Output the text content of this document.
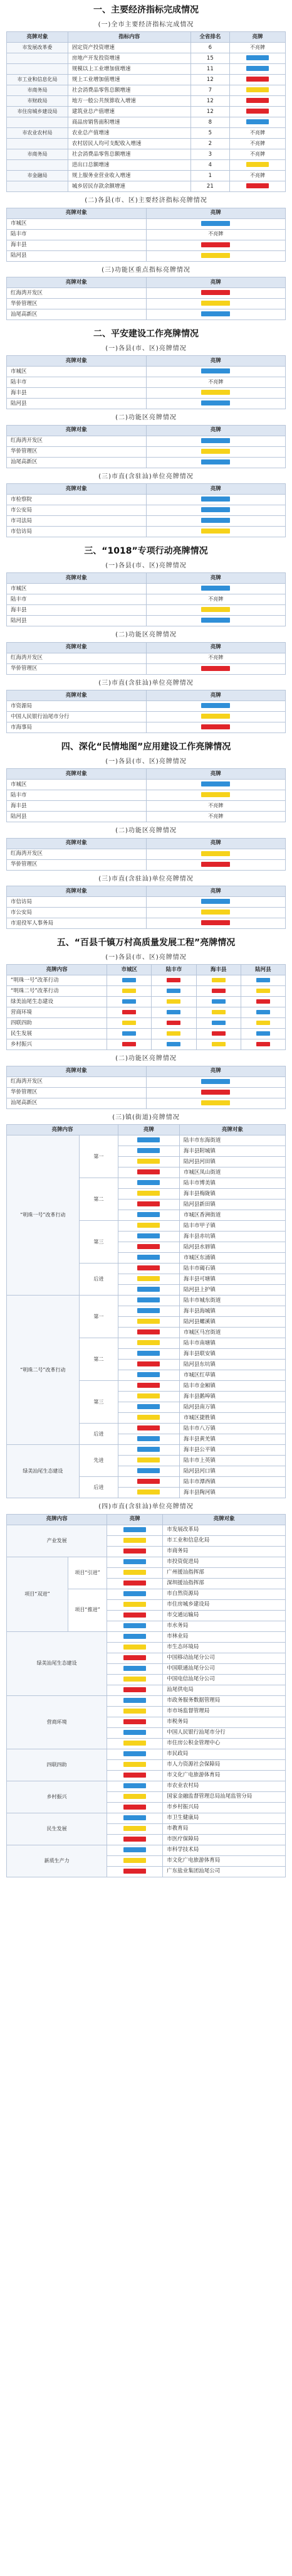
一、主要经济指标完成情况
(一)全市主要经济指标完成情况
亮牌对象	指标内容	全省排名	亮牌
市发展改革委	固定资产投资增速	6	不亮牌
	房地产开发投资增速	15	
	规模以上工业增加值增速	11	
市工业和信息化局	规上工业增加值增速	12	
市商务局	社会消费品零售总额增速	7	
市财政局	地方一般公共预算收入增速	12	
市住房城乡建设局	建筑业总产值增速	12	
	商品房销售面积增速	8	
市农业农村局	农业总产值增速	5	不亮牌
	农村居民人均可支配收入增速	2	不亮牌
市商务局	社会消费品零售总额增速	3	不亮牌
	进出口总额增速	4	
市金融局	规上服务业营业收入增速	1	不亮牌
	城乡居民存款余额增速	21	
(二)各县(市、区)主要经济指标亮牌情况
亮牌对象	亮牌
市城区	
陆丰市	不亮牌
海丰县	
陆河县	
(三)功能区重点指标亮牌情况
亮牌对象	亮牌
红海湾开发区	
华侨管理区	
汕尾高新区	
二、平安建设工作亮牌情况
(一)各县(市、区)亮牌情况
亮牌对象	亮牌
市城区	
陆丰市	不亮牌
海丰县	
陆河县	
(二)功能区亮牌情况
亮牌对象	亮牌
红海湾开发区	
华侨管理区	
汕尾高新区	
(三)市直(含驻汕)单位亮牌情况
亮牌对象	亮牌
市检察院	
市公安局	
市司法局	
市信访局	
三、“1018”专项行动亮牌情况
(一)各县(市、区)亮牌情况
亮牌对象	亮牌
市城区	
陆丰市	不亮牌
海丰县	
陆河县	
(二)功能区亮牌情况
亮牌对象	亮牌
红海湾开发区	不亮牌
华侨管理区	
(三)市直(含驻汕)单位亮牌情况
亮牌对象	亮牌
市资源局	
中国人民银行汕尾市分行	
市海事局	
四、深化“民情地图”应用建设工作亮牌情况
(一)各县(市、区)亮牌情况
亮牌对象	亮牌
市城区	
陆丰市	
海丰县	不亮牌
陆河县	不亮牌
(二)功能区亮牌情况
亮牌对象	亮牌
红海湾开发区	
华侨管理区	
(三)市直(含驻汕)单位亮牌情况
亮牌对象	亮牌
市信访局	
市公安局	
市退役军人事务局	
五、“百县千镇万村高质量发展工程”亮牌情况
(一)各县(市、区)亮牌情况
亮牌内容	市城区	陆丰市	海丰县	陆河县
“明珠一号”改革行动				
“明珠二号”改革行动				
绿美汕尾生态建设				
营商环境				
四联四助				
民生发展				
乡村振兴				
(二)功能区亮牌情况
亮牌对象	亮牌
红海湾开发区	
华侨管理区	
汕尾高新区	
(三)镇(街道)亮牌情况
亮牌内容		亮牌	亮牌对象
“明珠一号”改革行动	第一		陆丰市东海街道
			海丰县附城镇
			陆河县河田镇
			市城区凤山街道
	第二		陆丰市博美镇
			海丰县梅陇镇
			陆河县新田镇
			市城区香洲街道
	第三		陆丰市甲子镇
			海丰县赤坑镇
			陆河县水唇镇
			市城区东涌镇
	后进		陆丰市碣石镇
			海丰县可塘镇
			陆河县上护镇
“明珠二号”改革行动	第一		陆丰市城东街道
			海丰县海城镇
			陆河县螺溪镇
			市城区马宫街道
	第二		陆丰市南塘镇
			海丰县联安镇
			陆河县东坑镇
			市城区红草镇
	第三		陆丰市金厢镇
			海丰县鹅埠镇
			陆河县南万镇
			市城区捷胜镇
	后进		陆丰市八万镇
			海丰县黄羌镇
绿美汕尾生态建设	先进		海丰县公平镇
			陆丰市上英镇
			陆河县河口镇
	后进		陆丰市潭西镇
			海丰县陶河镇
(四)市直(含驻汕)单位亮牌情况
亮牌内容		亮牌	亮牌对象
产业发展			市发展改革局
			市工业和信息化局
			市商务局
项目“双进”	项目“引进”		市投资促进局
			广州援汕指挥部
			深圳援汕指挥部
	项目“推进”		市自然资源局
			市住房城乡建设局
			市交通运输局
			市水务局
绿美汕尾生态建设			市林业局
			市生态环境局
			中国移动汕尾分公司
			中国联通汕尾分公司
			中国电信汕尾分公司
			汕尾供电局
营商环境			市政务服务数据管理局
			市市场监督管理局
			市税务局
			中国人民银行汕尾市分行
			市住房公积金管理中心
四联四助			市民政局
			市人力资源社会保障局
			市文化广电旅游体育局
乡村振兴			市农业农村局
			国家金融监督管理总局汕尾监管分局
			市乡村振兴局
民生发展			市卫生健康局
			市教育局
			市医疗保障局
新质生产力			市科学技术局
			市文化广电旅游体育局
			广东盐业集团汕尾公司
